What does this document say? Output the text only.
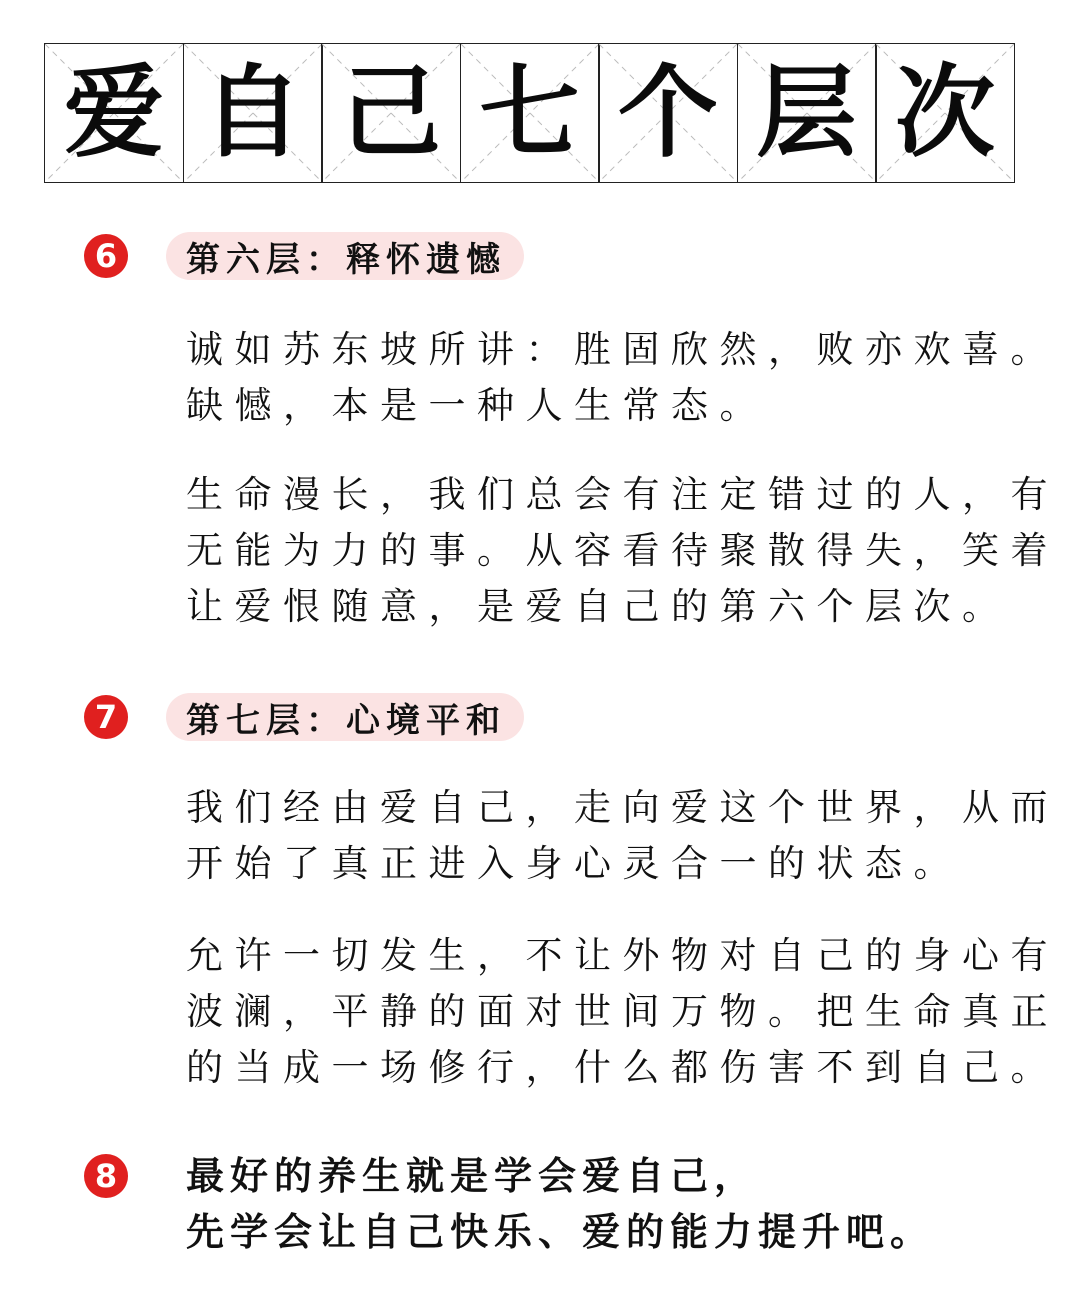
爱 自 己 七 个 层 次
第六层：释怀遗憾
6

诚如苏东坡所讲：胜固欣然，败亦欢喜。
缺憾，本是一种人生常态。

生命漫长，我们总会有注定错过的人，有
无能为力的事。从容看待聚散得失，笑着
让爱恨随意，是爱自己的第六个层次。

第七层：心境平和
7

我们经由爱自己，走向爱这个世界，从而
开始了真正进入身心灵合一的状态。

允许一切发生，不让外物对自己的身心有
波澜，平静的面对世间万物。把生命真正
的当成一场修行，什么都伤害不到自己。

8 最好的养生就是学会爱自己，
先学会让自己快乐、爱的能力提升吧。
